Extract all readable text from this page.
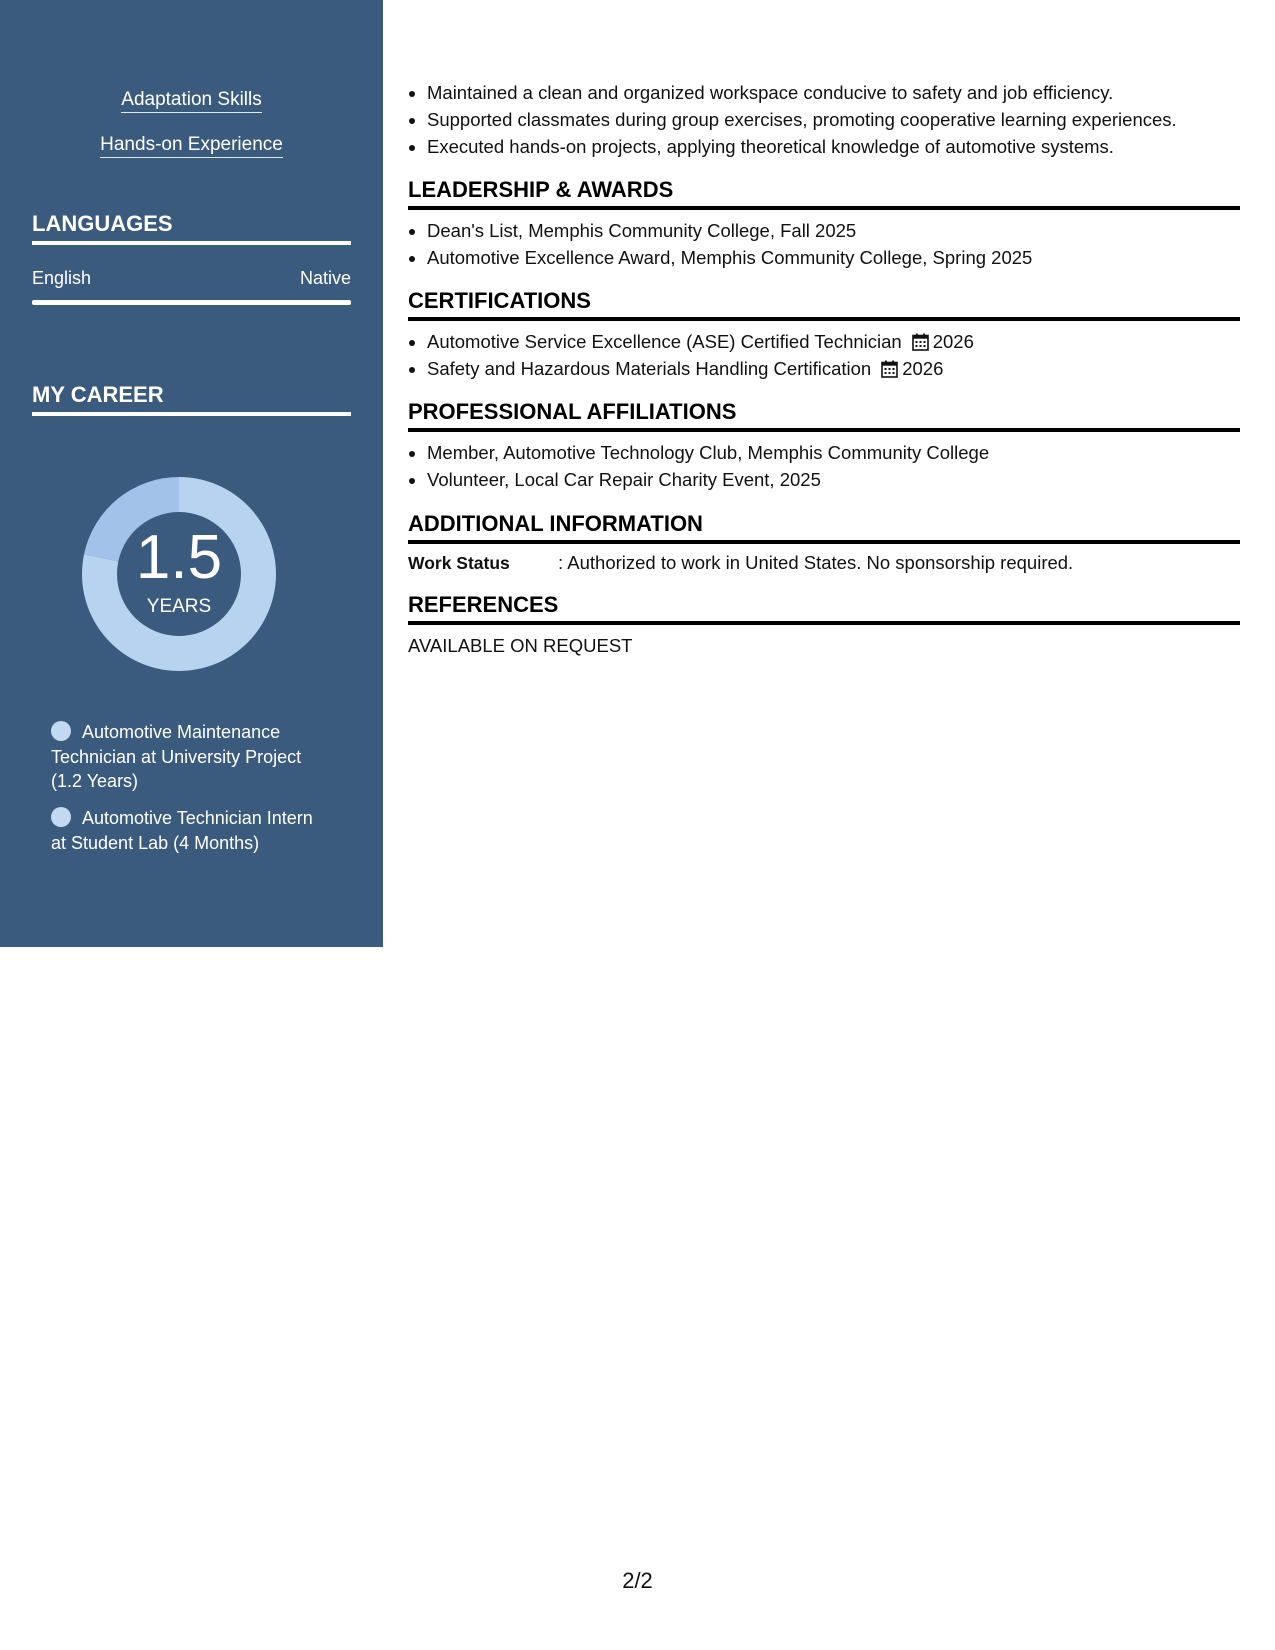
Adaptation Skills
Hands-on Experience
LANGUAGES
English	Native
MY CAREER
1.5
YEARS
Automotive Maintenance Technician at University Project (1.2 Years)
Automotive Technician Intern at Student Lab (4 Months)
• Maintained a clean and organized workspace conducive to safety and job efficiency.
• Supported classmates during group exercises, promoting cooperative learning experiences.
• Executed hands-on projects, applying theoretical knowledge of automotive systems.
LEADERSHIP & AWARDS
• Dean's List, Memphis Community College, Fall 2025
• Automotive Excellence Award, Memphis Community College, Spring 2025
CERTIFICATIONS
• Automotive Service Excellence (ASE) Certified Technician 2026
• Safety and Hazardous Materials Handling Certification 2026
PROFESSIONAL AFFILIATIONS
• Member, Automotive Technology Club, Memphis Community College
• Volunteer, Local Car Repair Charity Event, 2025
ADDITIONAL INFORMATION
Work Status	: Authorized to work in United States. No sponsorship required.
REFERENCES
AVAILABLE ON REQUEST
2/2
